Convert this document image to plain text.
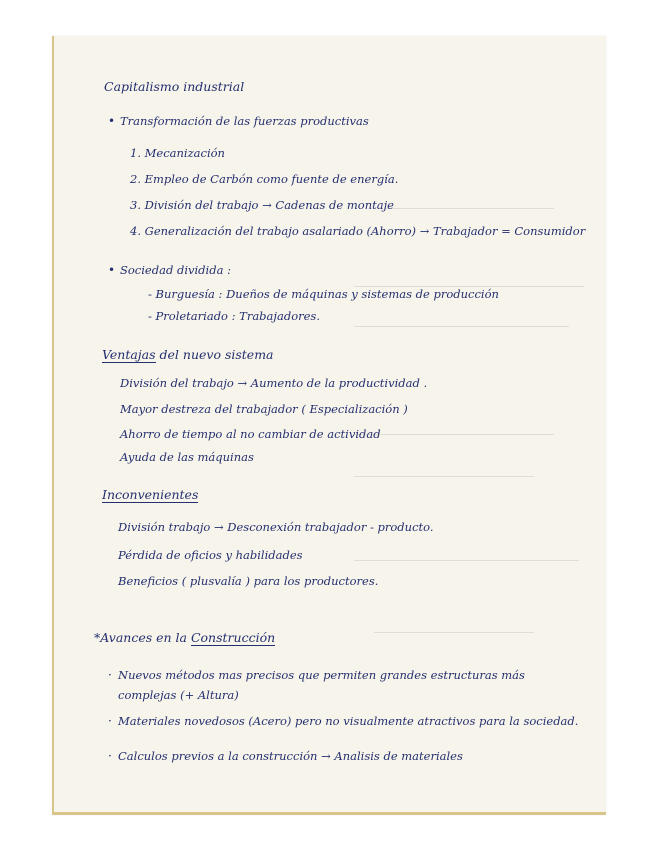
Capitalismo industrial
• Transformación de las fuerzas productivas
1. Mecanización
2. Empleo de Carbón como fuente de energía.
3. División del trabajo → Cadenas de montaje
4. Generalización del trabajo asalariado (Ahorro) → Trabajador = Consumidor
• Sociedad dividida :
- Burguesía : Dueños de máquinas y sistemas de producción
- Proletariado : Trabajadores.
Ventajas del nuevo sistema
División del trabajo → Aumento de la productividad .
Mayor destreza del trabajador ( Especialización )
Ahorro de tiempo al no cambiar de actividad
Ayuda de las máquinas
Inconvenientes
División trabajo → Desconexión trabajador - producto.
Pérdida de oficios y habilidades
Beneficios ( plusvalía ) para los productores.
*Avances en la Construcción
· Nuevos métodos mas precisos que permiten grandes estructuras más
complejas (+ Altura)
· Materiales novedosos (Acero) pero no visualmente atractivos para la sociedad.
· Calculos previos a la construcción → Analisis de materiales
